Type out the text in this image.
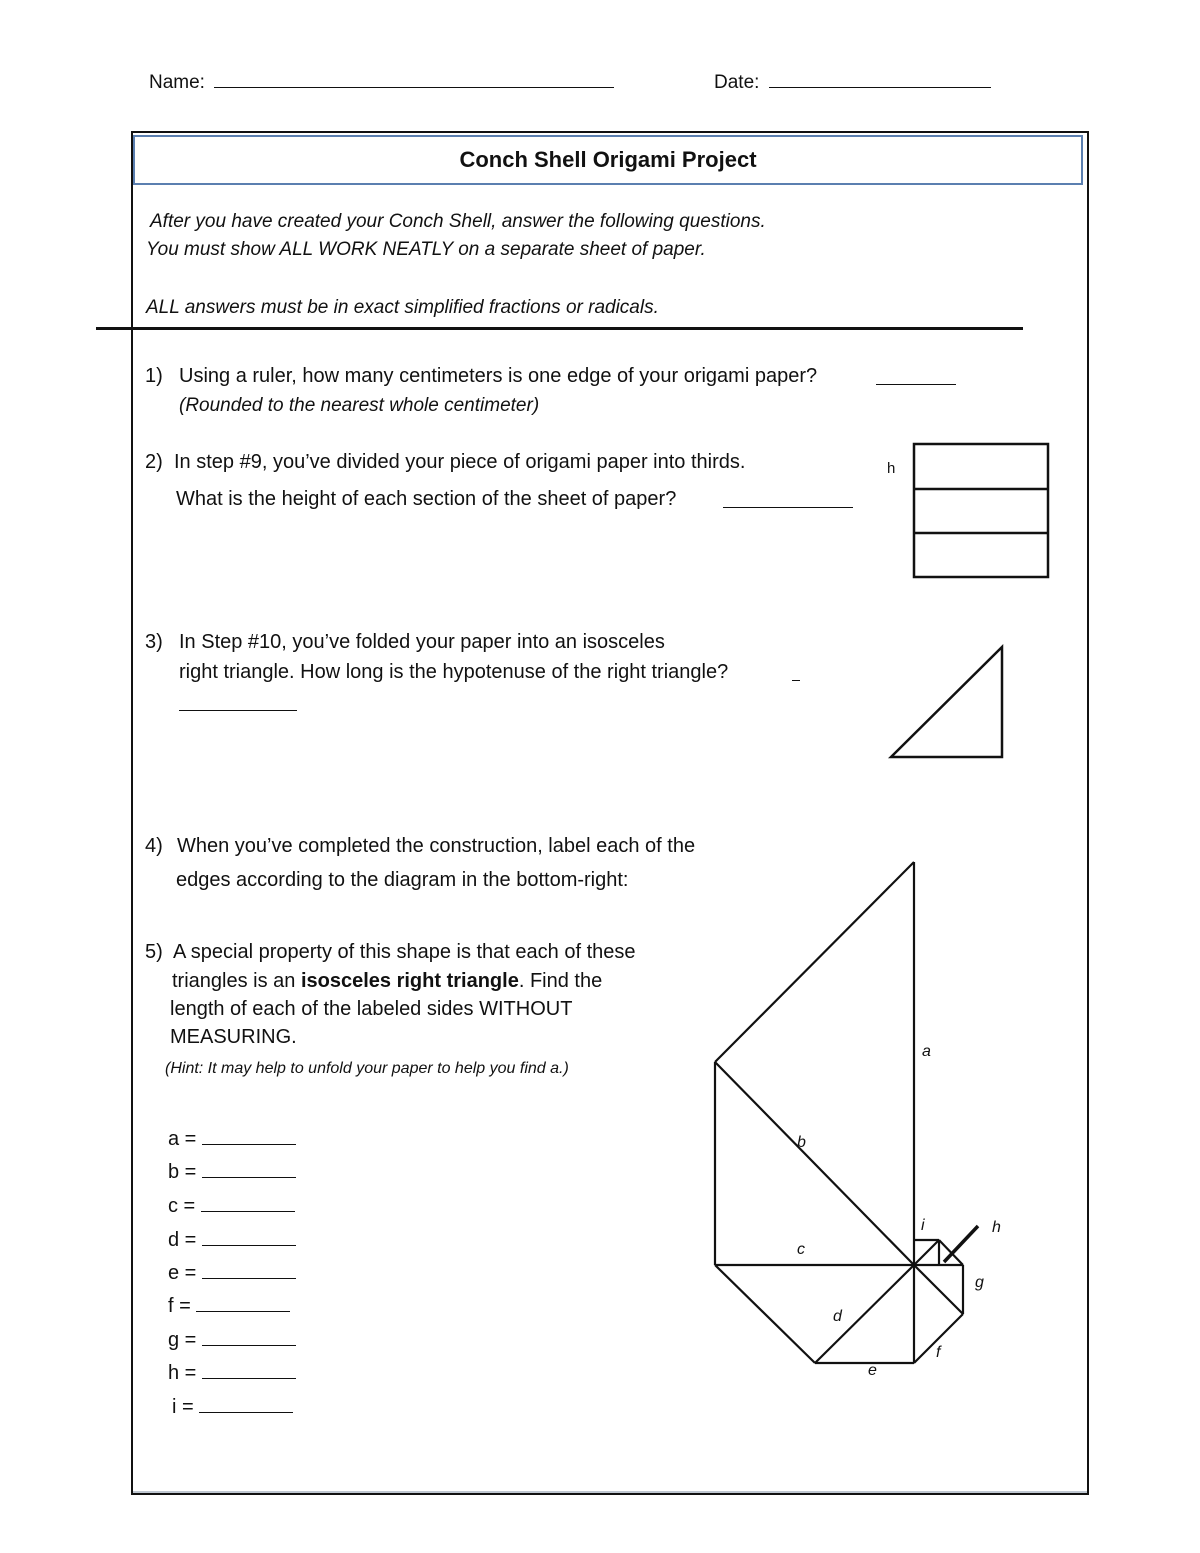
Name:	Date:
Conch Shell Origami Project
After you have created your Conch Shell, answer the following questions.
You must show ALL WORK NEATLY on a separate sheet of paper.
ALL answers must be in exact simplified fractions or radicals.
1) Using a ruler, how many centimeters is one edge of your origami paper?
(Rounded to the nearest whole centimeter)
2) In step #9, you’ve divided your piece of origami paper into thirds.
What is the height of each section of the sheet of paper?
h
3) In Step #10, you’ve folded your paper into an isosceles
right triangle. How long is the hypotenuse of the right triangle?
4) When you’ve completed the construction, label each of the
edges according to the diagram in the bottom-right:
5) A special property of this shape is that each of these
triangles is an isosceles right triangle. Find the
length of each of the labeled sides WITHOUT
MEASURING.
(Hint: It may help to unfold your paper to help you find a.)
a =
b =
c =
d =
e =
f =
g =
h =
i =
a
b
c
d
e
f
g
h
i
